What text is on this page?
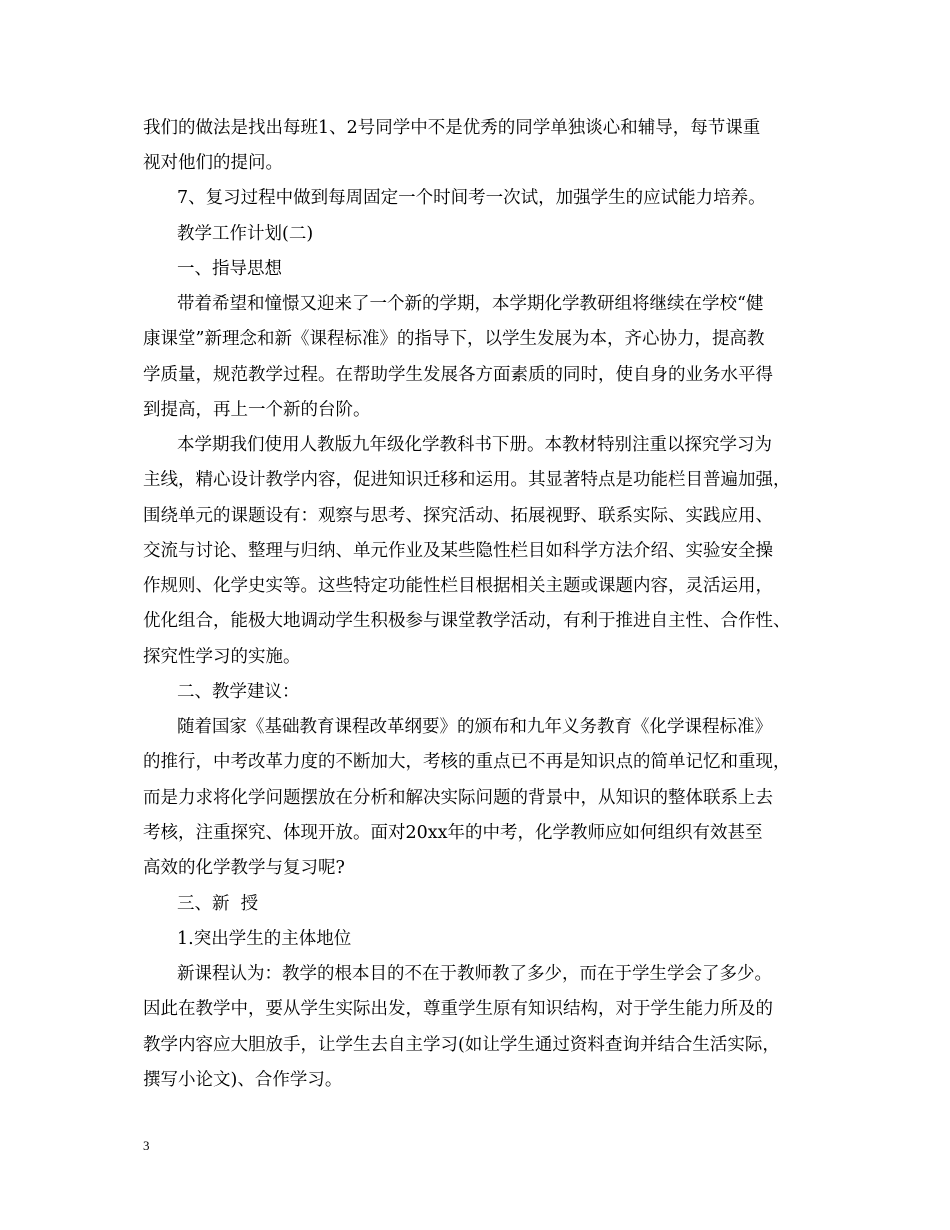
我们的做法是找出每班1、2号同学中不是优秀的同学单独谈心和辅导，每节课重

视对他们的提问。

7、复习过程中做到每周固定一个时间考一次试，加强学生的应试能力培养。

教学工作计划(二)

一、指导思想

带着希望和憧憬又迎来了一个新的学期，本学期化学教研组将继续在学校“健

康课堂”新理念和新《课程标准》的指导下，以学生发展为本，齐心协力，提高教

学质量，规范教学过程。在帮助学生发展各方面素质的同时，使自身的业务水平得

到提高，再上一个新的台阶。

本学期我们使用人教版九年级化学教科书下册。本教材特别注重以探究学习为

主线，精心设计教学内容，促进知识迁移和运用。其显著特点是功能栏目普遍加强，

围绕单元的课题设有：观察与思考、探究活动、拓展视野、联系实际、实践应用、

交流与讨论、整理与归纳、单元作业及某些隐性栏目如科学方法介绍、实验安全操

作规则、化学史实等。这些特定功能性栏目根据相关主题或课题内容，灵活运用，

优化组合，能极大地调动学生积极参与课堂教学活动，有利于推进自主性、合作性、

探究性学习的实施。

二、教学建议：

随着国家《基础教育课程改革纲要》的颁布和九年义务教育《化学课程标准》

的推行，中考改革力度的不断加大，考核的重点已不再是知识点的简单记忆和重现，

而是力求将化学问题摆放在分析和解决实际问题的背景中，从知识的整体联系上去

考核，注重探究、体现开放。面对20xx年的中考，化学教师应如何组织有效甚至

高效的化学教学与复习呢?

三、新  授

1.突出学生的主体地位

新课程认为：教学的根本目的不在于教师教了多少，而在于学生学会了多少。

因此在教学中，要从学生实际出发，尊重学生原有知识结构，对于学生能力所及的

教学内容应大胆放手，让学生去自主学习(如让学生通过资料查询并结合生活实际，

撰写小论文)、合作学习。

3
